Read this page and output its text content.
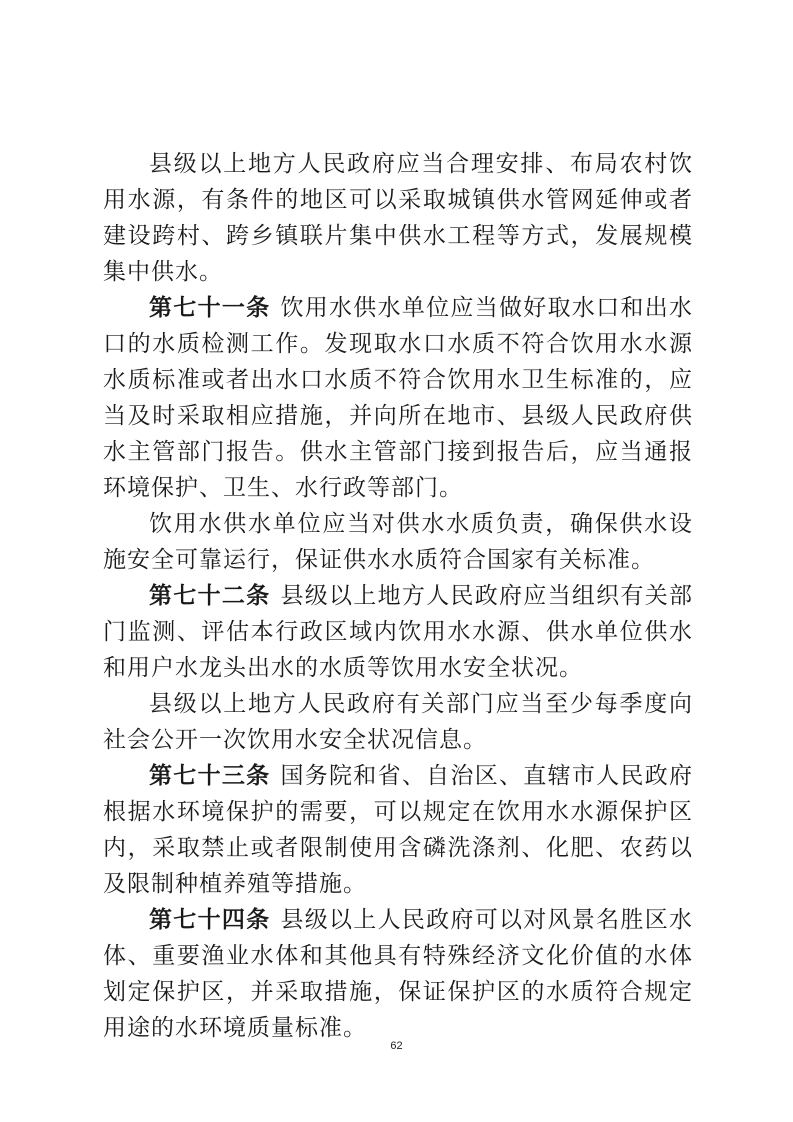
县级以上地方人民政府应当合理安排、布局农村饮用水源，有条件的地区可以采取城镇供水管网延伸或者建设跨村、跨乡镇联片集中供水工程等方式，发展规模集中供水。

第七十一条 饮用水供水单位应当做好取水口和出水口的水质检测工作。发现取水口水质不符合饮用水水源水质标准或者出水口水质不符合饮用水卫生标准的，应当及时采取相应措施，并向所在地市、县级人民政府供水主管部门报告。供水主管部门接到报告后，应当通报环境保护、卫生、水行政等部门。

饮用水供水单位应当对供水水质负责，确保供水设施安全可靠运行，保证供水水质符合国家有关标准。

第七十二条 县级以上地方人民政府应当组织有关部门监测、评估本行政区域内饮用水水源、供水单位供水和用户水龙头出水的水质等饮用水安全状况。

县级以上地方人民政府有关部门应当至少每季度向社会公开一次饮用水安全状况信息。

第七十三条 国务院和省、自治区、直辖市人民政府根据水环境保护的需要，可以规定在饮用水水源保护区内，采取禁止或者限制使用含磷洗涤剂、化肥、农药以及限制种植养殖等措施。

第七十四条 县级以上人民政府可以对风景名胜区水体、重要渔业水体和其他具有特殊经济文化价值的水体划定保护区，并采取措施，保证保护区的水质符合规定用途的水环境质量标准。

62
